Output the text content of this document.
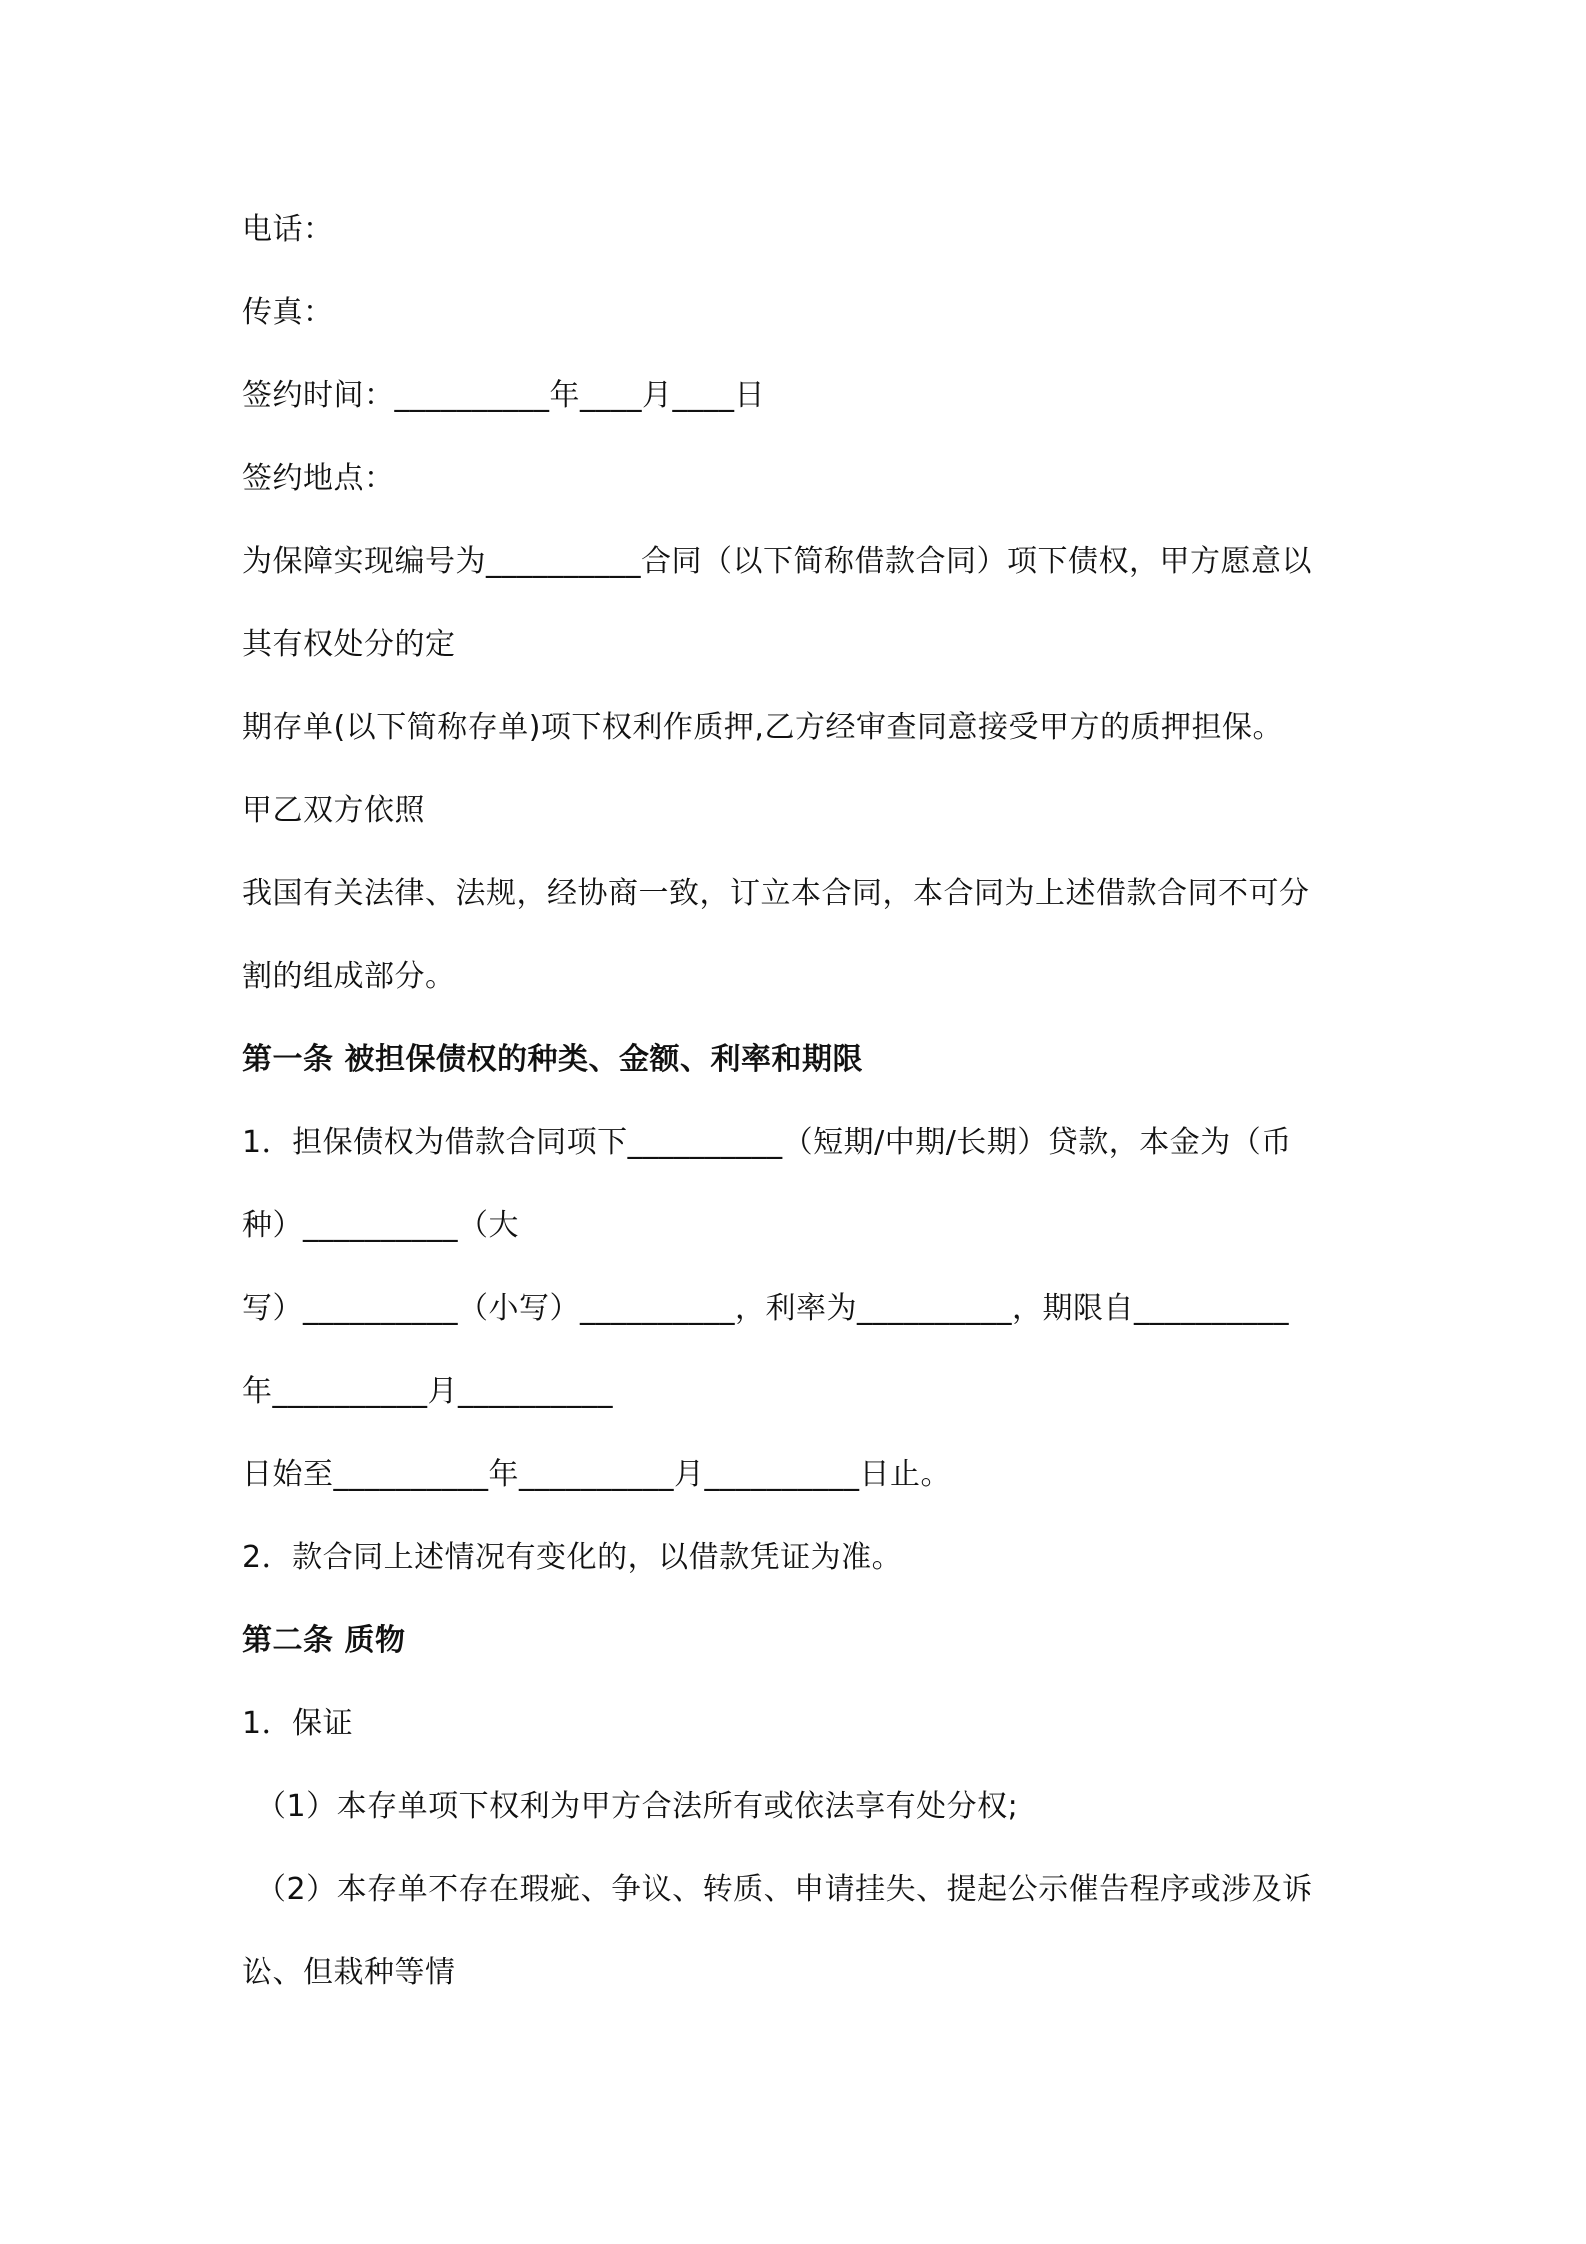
电话：
传真：
签约时间：__________年____月____日
签约地点：
为保障实现编号为__________合同（以下简称借款合同）项下债权，甲方愿意以
其有权处分的定
期存单(以下简称存单)项下权利作质押,乙方经审查同意接受甲方的质押担保。
甲乙双方依照
我国有关法律、法规，经协商一致，订立本合同，本合同为上述借款合同不可分
割的组成部分。
第一条 被担保债权的种类、金额、利率和期限
1．担保债权为借款合同项下__________（短期/中期/长期）贷款，本金为（币
种）__________（大
写）__________（小写）__________，利率为__________，期限自__________
年__________月__________
日始至__________年__________月__________日止。
2．款合同上述情况有变化的，以借款凭证为准。
第二条 质物
1．保证
（1）本存单项下权利为甲方合法所有或依法享有处分权;
（2）本存单不存在瑕疵、争议、转质、申请挂失、提起公示催告程序或涉及诉
讼、但栽种等情
